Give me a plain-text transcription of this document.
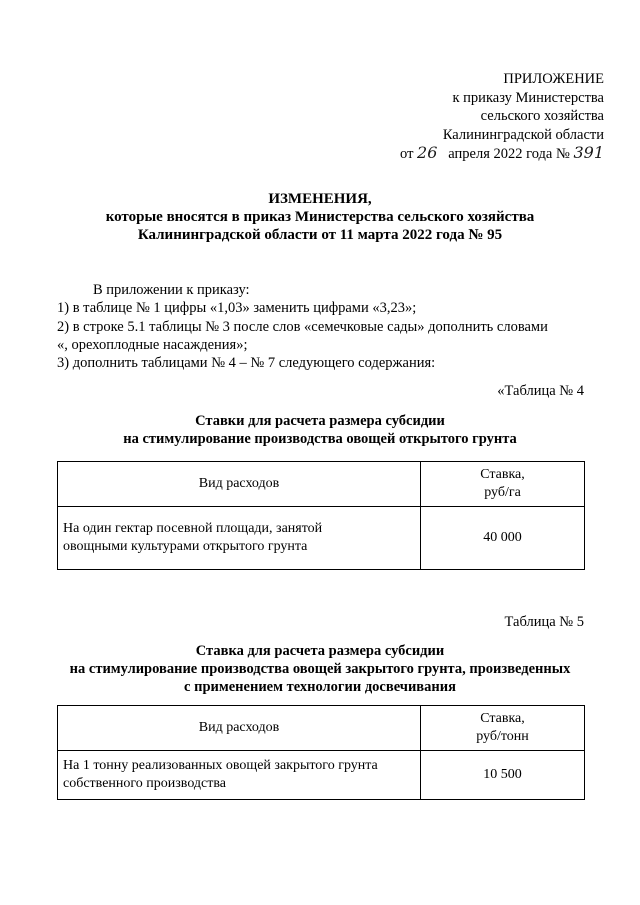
ПРИЛОЖЕНИЕ
к приказу Министерства
сельского хозяйства
Калининградской области
от 26 апреля 2022 года № 391
ИЗМЕНЕНИЯ,
которые вносятся в приказ Министерства сельского хозяйства
Калининградской области от 11 марта 2022 года № 95
В приложении к приказу:
1) в таблице № 1 цифры «1,03» заменить цифрами «3,23»;
2) в строке 5.1 таблицы № 3 после слов «семечковые сады» дополнить словами
«, орехоплодные насаждения»;
3) дополнить таблицами № 4 – № 7 следующего содержания:
«Таблица № 4
Ставки для расчета размера субсидии
на стимулирование производства овощей открытого грунта
Вид расходов	Ставка,
руб/га

На один гектар посевной площади, занятой
овощными культурами открытого грунта	40 000
Таблица № 5
Ставка для расчета размера субсидии
на стимулирование производства овощей закрытого грунта, произведенных
с применением технологии досвечивания
Вид расходов	Ставка,
руб/тонн

На 1 тонну реализованных овощей закрытого грунта
собственного производства	10 500
